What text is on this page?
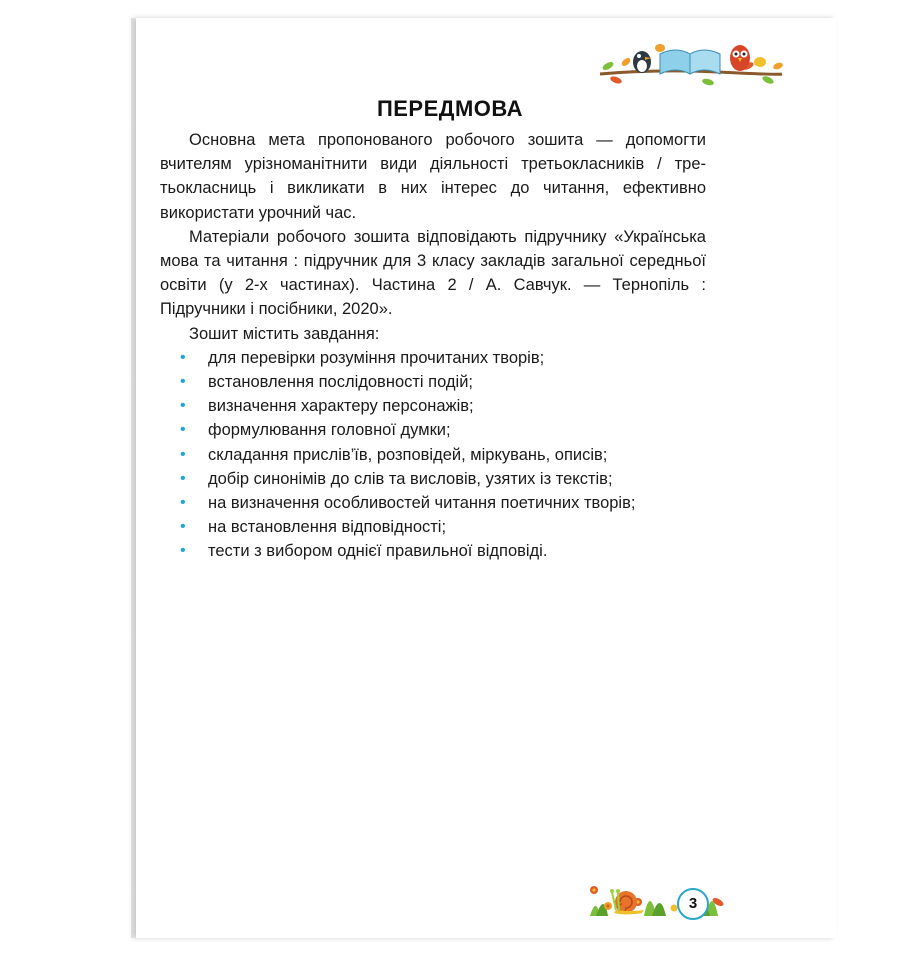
ПЕРЕДМОВА

Основна мета пропонованого робочого зошита — допомогти вчителям урізноманітнити види діяльності третьокласників / третьокласниць і викликати в них інтерес до читання, ефективно використати урочний час.

Матеріали робочого зошита відповідають підручнику «Українська мова та читання : підручник для 3 класу закладів загальної середньої освіти (у 2-х частинах). Частина 2 / А. Савчук. — Тернопіль : Підручники і посібники, 2020».

Зошит містить завдання:

• для перевірки розуміння прочитаних творів;
• встановлення послідовності подій;
• визначення характеру персонажів;
• формулювання головної думки;
• складання прислів’їв, розповідей, міркувань, описів;
• добір синонімів до слів та висловів, узятих із текстів;
• на визначення особливостей читання поетичних творів;
• на встановлення відповідності;
• тести з вибором однієї правильної відповіді.
3
